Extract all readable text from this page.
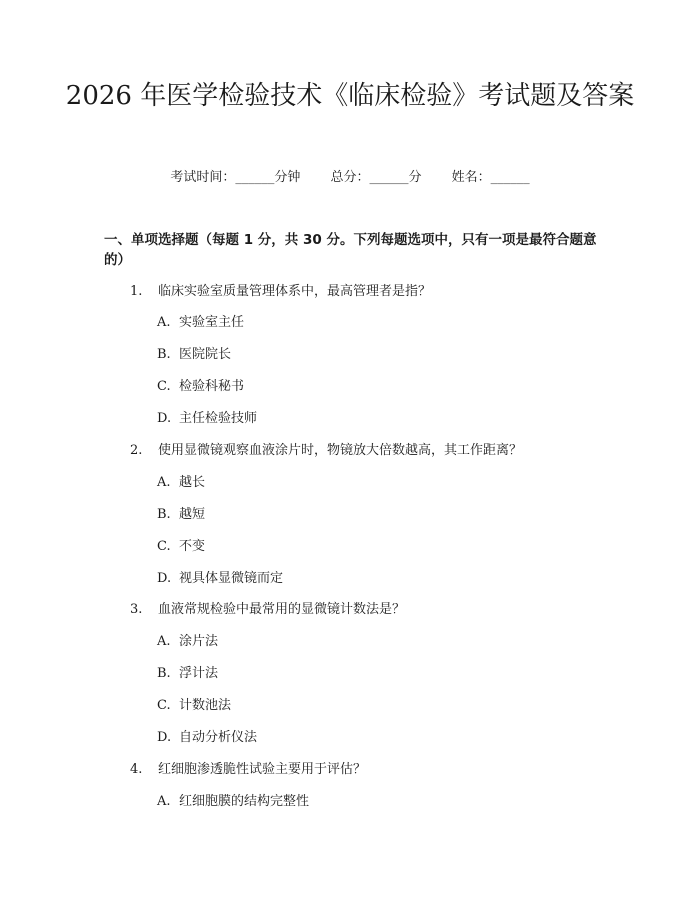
2026 年医学检验技术《临床检验》考试题及答案
考试时间：______分钟 总分：______分 姓名：______
一、单项选择题（每题 1 分，共 30 分。下列每题选项中，只有一项是最符合题意的）
1. 临床实验室质量管理体系中，最高管理者是指？
A. 实验室主任
B. 医院院长
C. 检验科秘书
D. 主任检验技师
2. 使用显微镜观察血液涂片时，物镜放大倍数越高，其工作距离？
A. 越长
B. 越短
C. 不变
D. 视具体显微镜而定
3. 血液常规检验中最常用的显微镜计数法是？
A. 涂片法
B. 浮计法
C. 计数池法
D. 自动分析仪法
4. 红细胞渗透脆性试验主要用于评估？
A. 红细胞膜的结构完整性
